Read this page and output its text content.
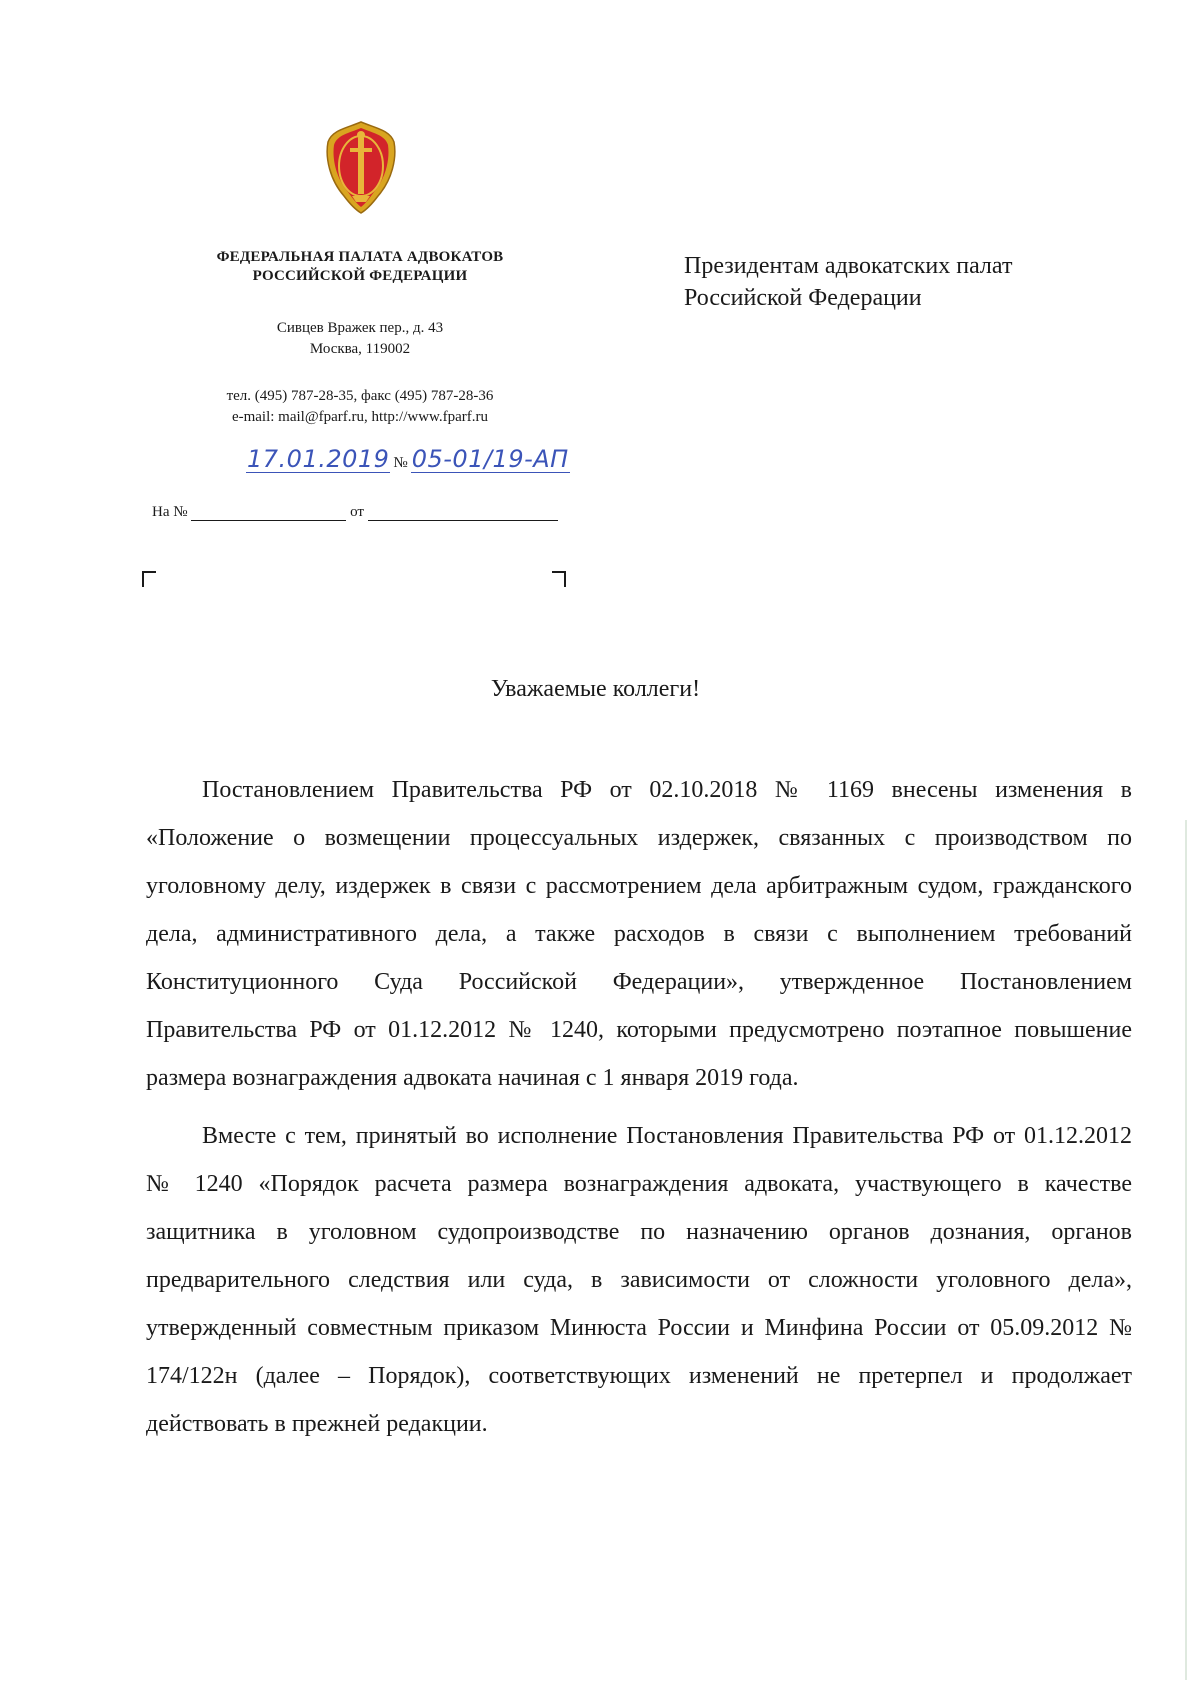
ФЕДЕРАЛЬНАЯ ПАЛАТА АДВОКАТОВ
РОССИЙСКОЙ ФЕДЕРАЦИИ
Сивцев Вражек пер., д. 43
Москва, 119002
тел. (495) 787-28-35, факс (495) 787-28-36
e-mail: mail@fparf.ru, http://www.fparf.ru
17.01.2019 № 05-01/19-АП
На №	от
Президентам адвокатских палат
Российской Федерации
Уважаемые коллеги!

Постановлением Правительства РФ от 02.10.2018 № 1169 внесены изменения в «Положение о возмещении процессуальных издержек, связанных с производством по уголовному делу, издержек в связи с рассмотрением дела арбитражным судом, гражданского дела, административного дела, а также расходов в связи с выполнением требований Конституционного Суда Российской Федерации», утвержденное Постановлением Правительства РФ от 01.12.2012 № 1240, которыми предусмотрено поэтапное повышение размера вознаграждения адвоката начиная с 1 января 2019 года.

Вместе с тем, принятый во исполнение Постановления Правительства РФ от 01.12.2012 № 1240 «Порядок расчета размера вознаграждения адвоката, участвующего в качестве защитника в уголовном судопроизводстве по назначению органов дознания, органов предварительного следствия или суда, в зависимости от сложности уголовного дела», утвержденный совместным приказом Минюста России и Минфина России от 05.09.2012 № 174/122н (далее – Порядок), соответствующих изменений не претерпел и продолжает действовать в прежней редакции.
